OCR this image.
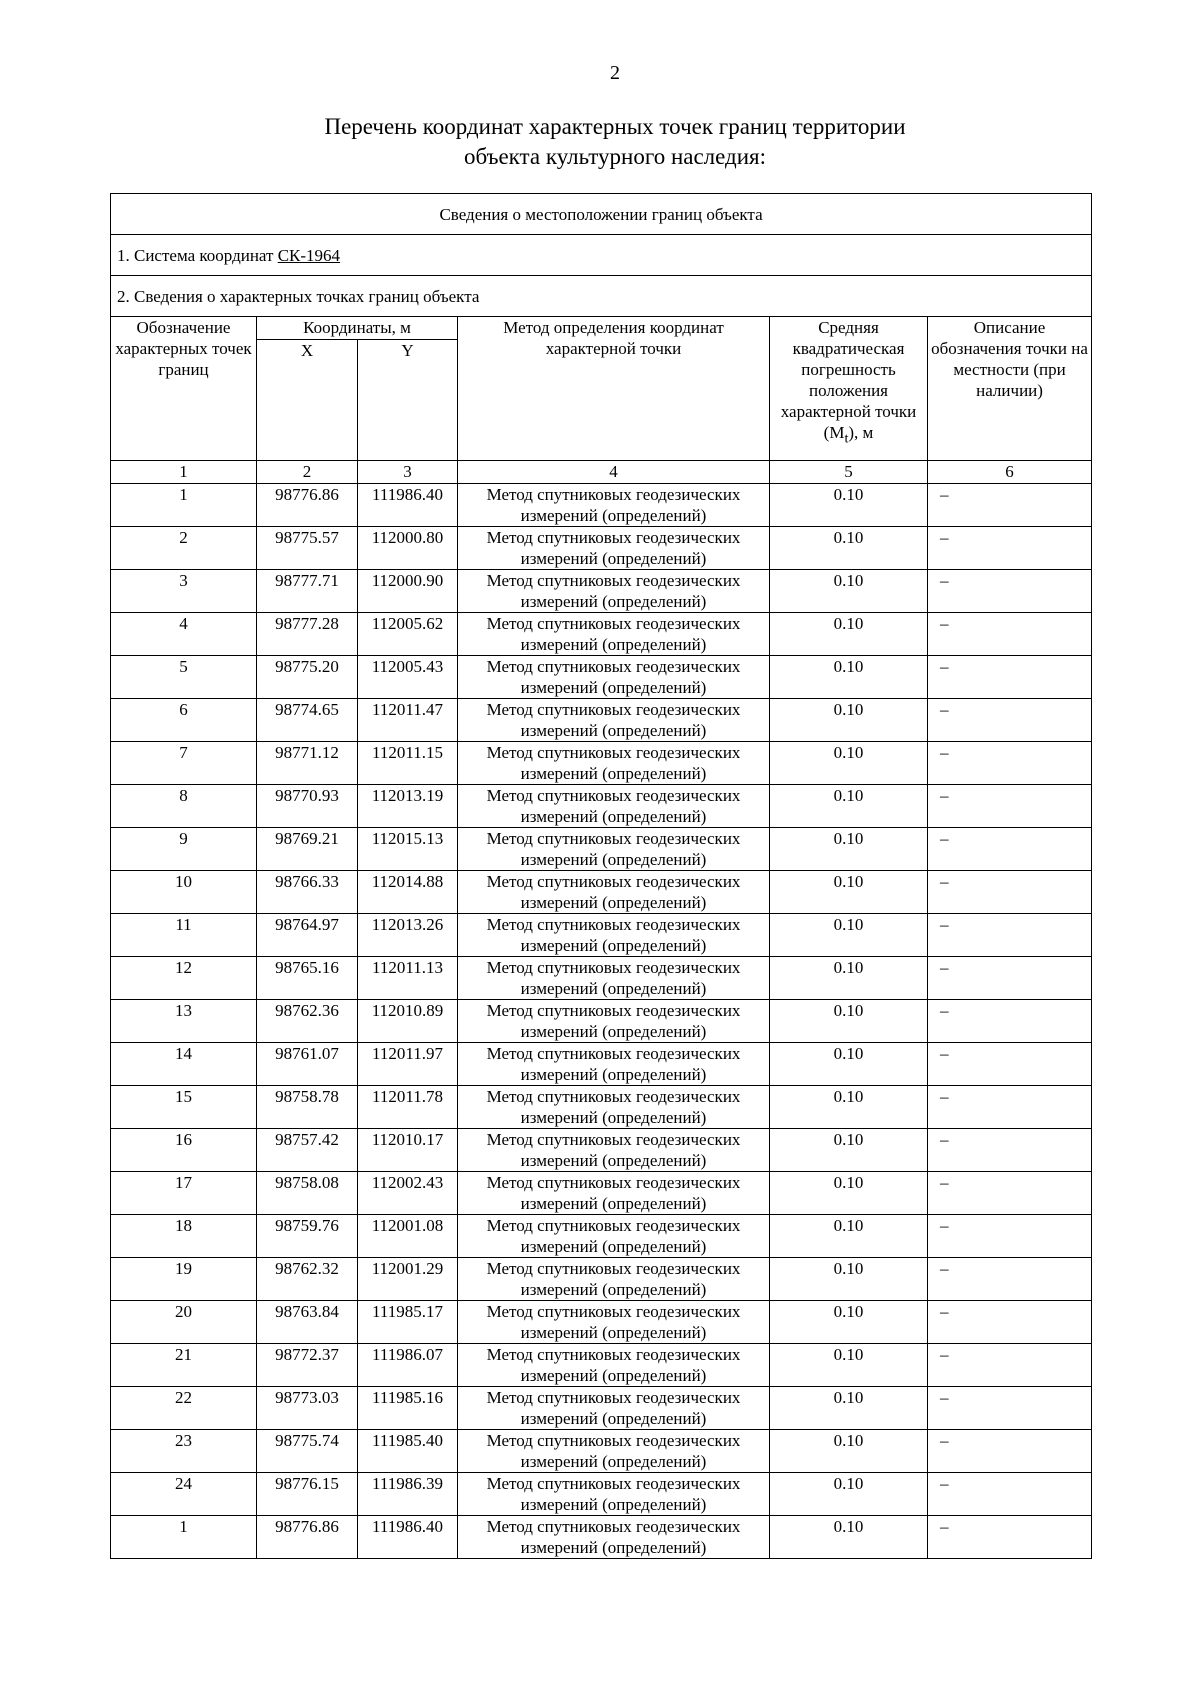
2
Перечень координат характерных точек границ территории
объекта культурного наследия:
Сведения о местоположении границ объекта					
1. Система координат СК-1964					
2. Сведения о характерных точках границ объекта					
Обозначение характерных точек границ	Координаты, м		Метод определения координат характерной точки	Средняя квадратическая погрешность положения характерной точки $(M_t)$, м	Описание обозначения точки на местности (при наличии)
	X	Y			
1	2	3	4	5	6
1	98776.86	111986.40	Метод спутниковых геодезических измерений (определений)	0.10	–
2	98775.57	112000.80	Метод спутниковых геодезических измерений (определений)	0.10	–
3	98777.71	112000.90	Метод спутниковых геодезических измерений (определений)	0.10	–
4	98777.28	112005.62	Метод спутниковых геодезических измерений (определений)	0.10	–
5	98775.20	112005.43	Метод спутниковых геодезических измерений (определений)	0.10	–
6	98774.65	112011.47	Метод спутниковых геодезических измерений (определений)	0.10	–
7	98771.12	112011.15	Метод спутниковых геодезических измерений (определений)	0.10	–
8	98770.93	112013.19	Метод спутниковых геодезических измерений (определений)	0.10	–
9	98769.21	112015.13	Метод спутниковых геодезических измерений (определений)	0.10	–
10	98766.33	112014.88	Метод спутниковых геодезических измерений (определений)	0.10	–
11	98764.97	112013.26	Метод спутниковых геодезических измерений (определений)	0.10	–
12	98765.16	112011.13	Метод спутниковых геодезических измерений (определений)	0.10	–
13	98762.36	112010.89	Метод спутниковых геодезических измерений (определений)	0.10	–
14	98761.07	112011.97	Метод спутниковых геодезических измерений (определений)	0.10	–
15	98758.78	112011.78	Метод спутниковых геодезических измерений (определений)	0.10	–
16	98757.42	112010.17	Метод спутниковых геодезических измерений (определений)	0.10	–
17	98758.08	112002.43	Метод спутниковых геодезических измерений (определений)	0.10	–
18	98759.76	112001.08	Метод спутниковых геодезических измерений (определений)	0.10	–
19	98762.32	112001.29	Метод спутниковых геодезических измерений (определений)	0.10	–
20	98763.84	111985.17	Метод спутниковых геодезических измерений (определений)	0.10	–
21	98772.37	111986.07	Метод спутниковых геодезических измерений (определений)	0.10	–
22	98773.03	111985.16	Метод спутниковых геодезических измерений (определений)	0.10	–
23	98775.74	111985.40	Метод спутниковых геодезических измерений (определений)	0.10	–
24	98776.15	111986.39	Метод спутниковых геодезических измерений (определений)	0.10	–
1	98776.86	111986.40	Метод спутниковых геодезических измерений (определений)	0.10	–
